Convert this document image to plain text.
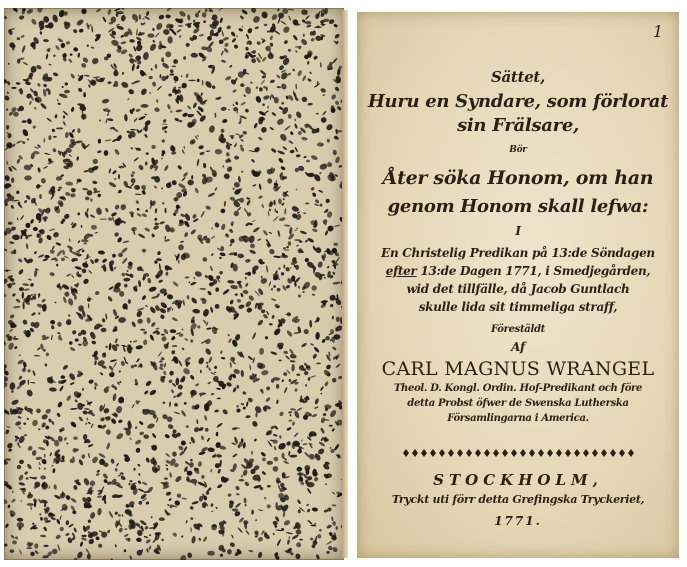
1
Sättet,
Huru en Syndare, som förlorat
sin Frälsare,
Bör
Åter söka Honom, om han
genom Honom skall lefwa:
I
En Christelig Predikan på 13:de Söndagen
efter 13:de Dagen 1771, i Smedjegården,
wid det tillfälle, då Jacob Guntlach
skulle lida sit timmeliga straff,
Förestäldt
Af
CARL MAGNUS WRANGEL
Theol. D. Kongl. Ordin. Hof-Predikant och före
detta Probst öfwer de Swenska Lutherska
Församlingarna i America.
STOCKHOLM,
Tryckt uti förr detta Grefingska Tryckeriet,
1771.
